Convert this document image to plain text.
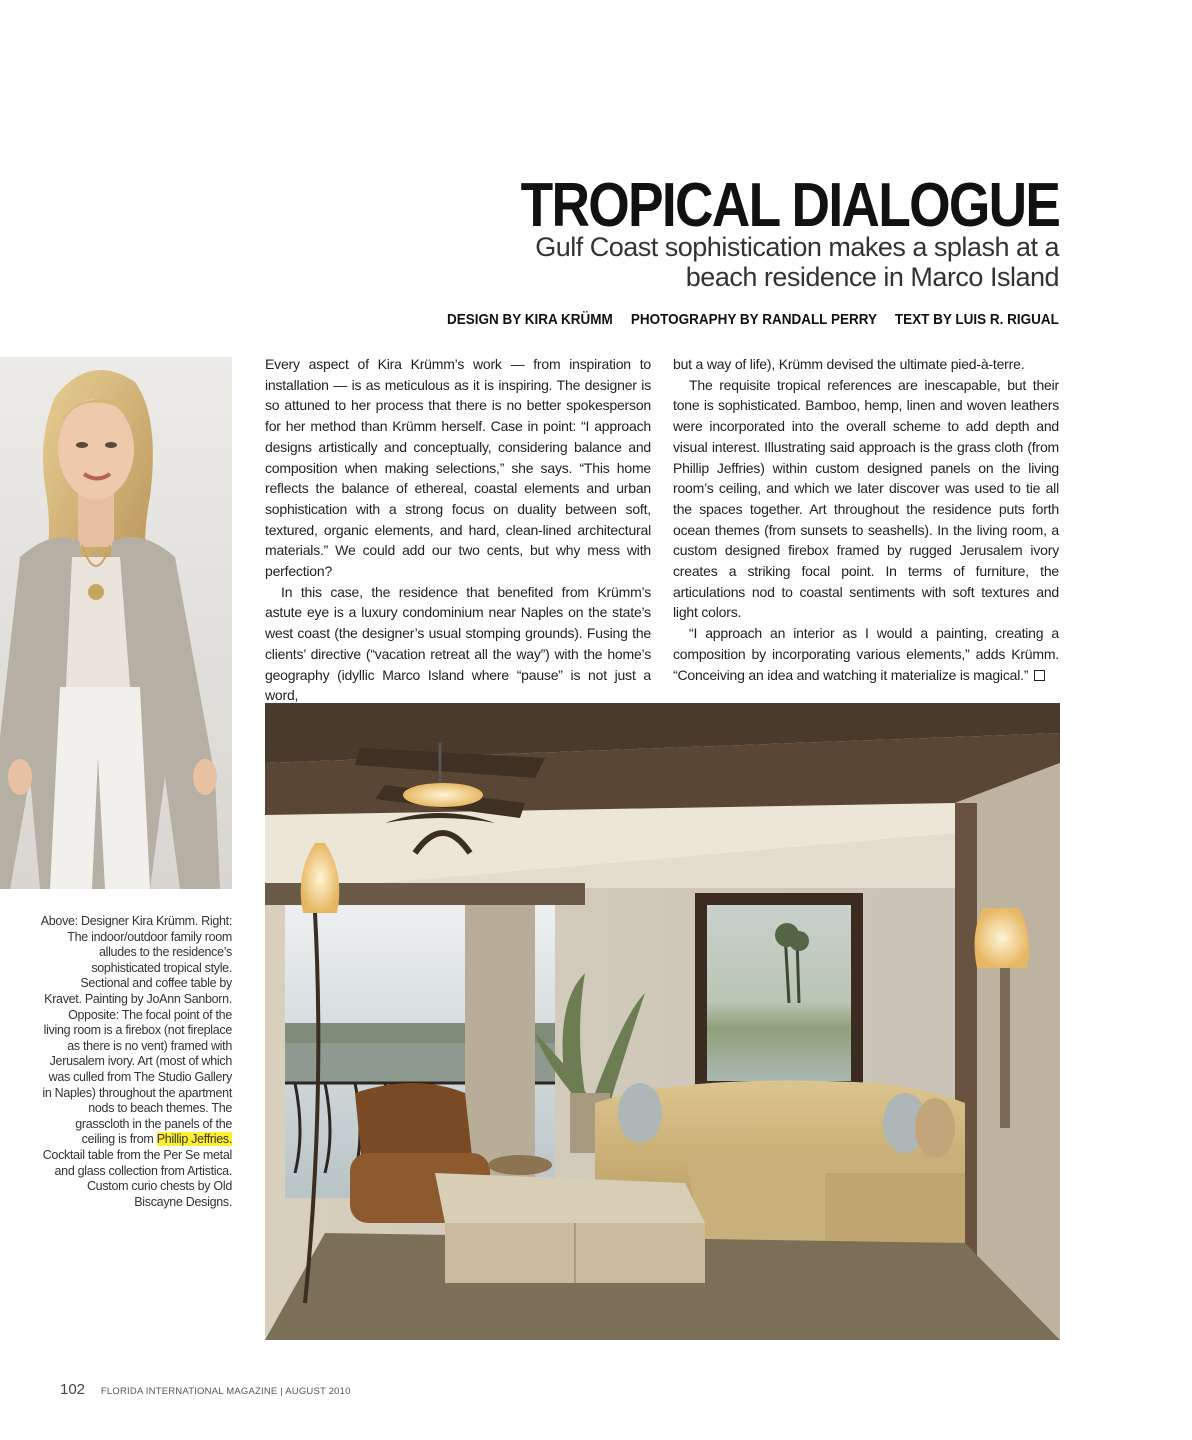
TROPICAL DIALOGUE
Gulf Coast sophistication makes a splash at a beach residence in Marco Island
DESIGN BY KIRA KRÜMM PHOTOGRAPHY BY RANDALL PERRY TEXT BY LUIS R. RIGUAL
Above: Designer Kira Krümm. Right: The indoor/outdoor family room alludes to the residence’s sophisticated tropical style. Sectional and coffee table by Kravet. Painting by JoAnn Sanborn. Opposite: The focal point of the living room is a firebox (not fireplace as there is no vent) framed with Jerusalem ivory. Art (most of which was culled from The Studio Gallery in Naples) throughout the apartment nods to beach themes. The grasscloth in the panels of the ceiling is from Phillip Jeffries. Cocktail table from the Per Se metal and glass collection from Artistica. Custom curio chests by Old Biscayne Designs.

Every aspect of Kira Krümm’s work — from inspiration to installation — is as meticulous as it is inspiring. The designer is so attuned to her process that there is no better spokesperson for her method than Krümm herself. Case in point: “I approach designs artistically and conceptually, considering balance and composition when making selections,” she says. “This home reflects the balance of ethereal, coastal elements and urban sophistication with a strong focus on duality between soft, textured, organic elements, and hard, clean-lined architectural materials.” We could add our two cents, but why mess with perfection?

In this case, the residence that benefited from Krümm’s astute eye is a luxury condominium near Naples on the state’s west coast (the designer’s usual stomping grounds). Fusing the clients’ directive (“vacation retreat all the way”) with the home’s geography (idyllic Marco Island where “pause” is not just a word,

but a way of life), Krümm devised the ultimate pied-à-terre.

The requisite tropical references are inescapable, but their tone is sophisticated. Bamboo, hemp, linen and woven leathers were incorporated into the overall scheme to add depth and visual interest. Illustrating said approach is the grass cloth (from Phillip Jeffries) within custom designed panels on the living room’s ceiling, and which we later discover was used to tie all the spaces together. Art throughout the residence puts forth ocean themes (from sunsets to seashells). In the living room, a custom designed firebox framed by rugged Jerusalem ivory creates a striking focal point. In terms of furniture, the articulations nod to coastal sentiments with soft textures and light colors.

“I approach an interior as I would a painting, creating a composition by incorporating various elements,” adds Krümm. “Conceiving an idea and watching it materialize is magical.”

102 FLORIDA INTERNATIONAL MAGAZINE | AUGUST 2010
